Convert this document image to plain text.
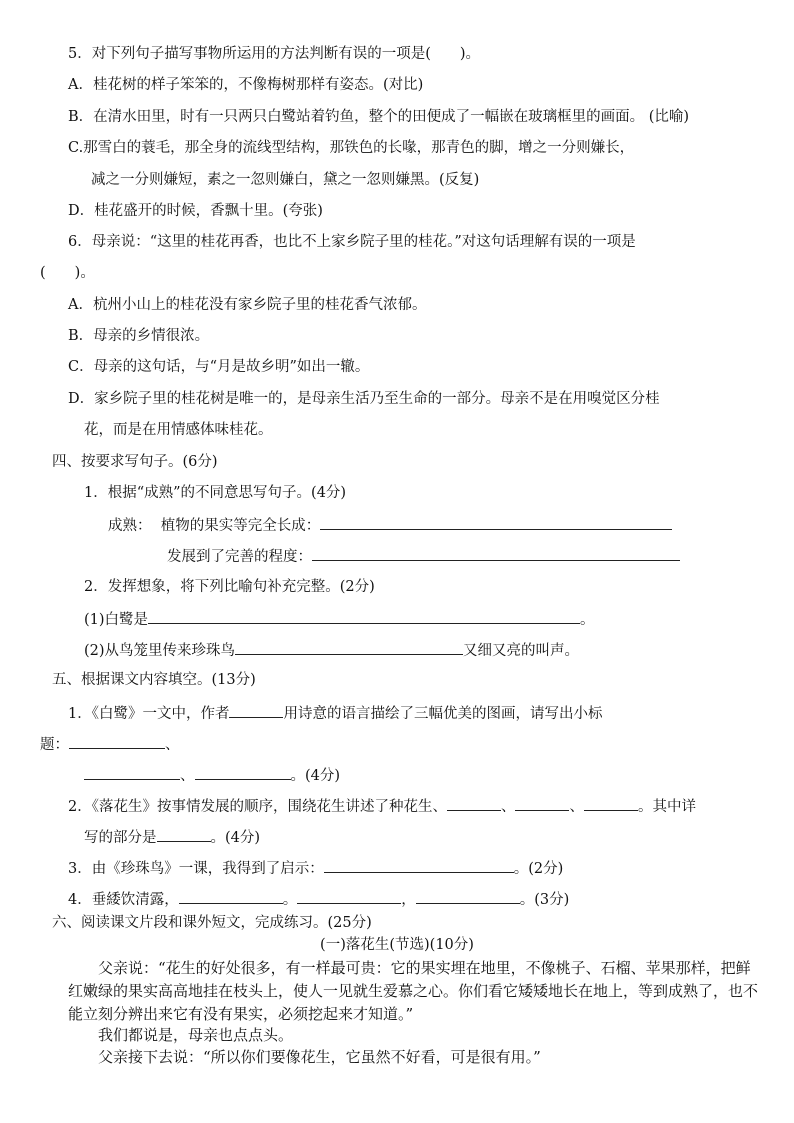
5．对下列句子描写事物所运用的方法判断有误的一项是(　　)。
A．桂花树的样子笨笨的，不像梅树那样有姿态。(对比)
B．在清水田里，时有一只两只白鹭站着钓鱼，整个的田便成了一幅嵌在玻璃框里的画面。 (比喻)
C.那雪白的蓑毛，那全身的流线型结构，那铁色的长喙，那青色的脚，增之一分则嫌长，
减之一分则嫌短，素之一忽则嫌白，黛之一忽则嫌黑。(反复)
D．桂花盛开的时候，香飘十里。(夸张)
6．母亲说：“这里的桂花再香，也比不上家乡院子里的桂花。”对这句话理解有误的一项是
(　　)。
A．杭州小山上的桂花没有家乡院子里的桂花香气浓郁。
B．母亲的乡情很浓。
C．母亲的这句话，与“月是故乡明”如出一辙。
D．家乡院子里的桂花树是唯一的，是母亲生活乃至生命的一部分。母亲不是在用嗅觉区分桂
花，而是在用情感体味桂花。
四、按要求写句子。(6分)
1．根据“成熟”的不同意思写句子。(4分)
成熟： 植物的果实等完全长成：
发展到了完善的程度：
2．发挥想象，将下列比喻句补充完整。(2分)
(1)白鹭是	。
(2)从鸟笼里传来珍珠鸟	又细又亮的叫声。
五、根据课文内容填空。(13分)
1．《白鹭》一文中，作者	用诗意的语言描绘了三幅优美的图画，请写出小标
题：	、
、	。(4分)
2．《落花生》按事情发展的顺序，围绕花生讲述了种花生、	、	、	。其中详
写的部分是	。(4分)
3．由《珍珠鸟》一课，我得到了启示：	。(2分)
4．垂緌饮清露，	。	，	。(3分)
六、阅读课文片段和课外短文，完成练习。(25分)
(一)落花生(节选)(10分)
父亲说：“花生的好处很多，有一样最可贵：它的果实埋在地里，不像桃子、石榴、苹果那样，把鲜红嫩绿的果实高高地挂在枝头上，使人一见就生爱慕之心。你们看它矮矮地长在地上，等到成熟了，也不能立刻分辨出来它有没有果实，必须挖起来才知道。”
我们都说是，母亲也点点头。
父亲接下去说：“所以你们要像花生，它虽然不好看，可是很有用。”
